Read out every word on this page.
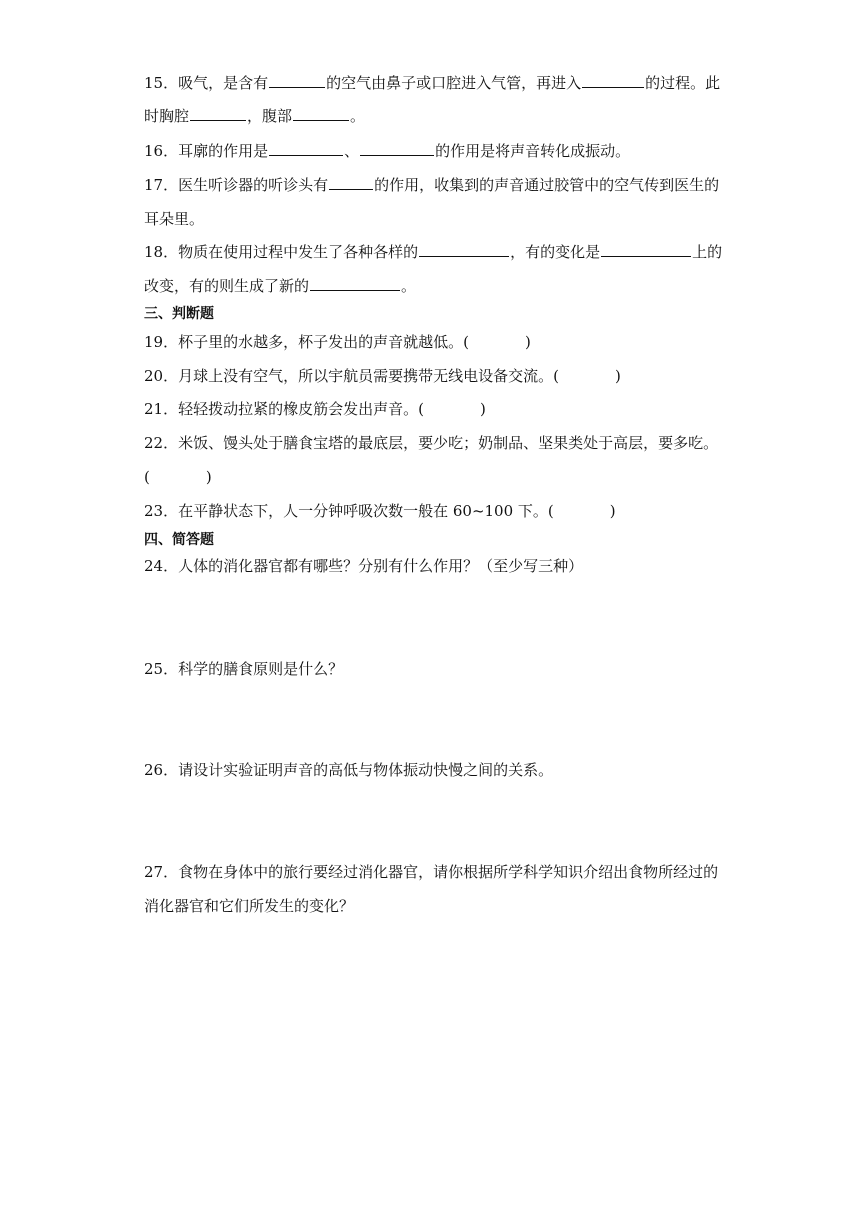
15．吸气，是含有	的空气由鼻子或口腔进入气管，再进入	的过程。此
时胸腔	，腹部	。
16．耳廓的作用是	、	的作用是将声音转化成振动。
17．医生听诊器的听诊头有	的作用，收集到的声音通过胶管中的空气传到医生的
耳朵里。
18．物质在使用过程中发生了各种各样的	，有的变化是	上的
改变，有的则生成了新的	。
三、判断题
19．杯子里的水越多，杯子发出的声音就越低。(	)
20．月球上没有空气，所以宇航员需要携带无线电设备交流。(	)
21．轻轻拨动拉紧的橡皮筋会发出声音。(	)
22．米饭、馒头处于膳食宝塔的最底层，要少吃；奶制品、坚果类处于高层，要多吃。
(	)
23．在平静状态下，人一分钟呼吸次数一般在 60~100 下。(	)
四、简答题
24．人体的消化器官都有哪些？分别有什么作用？（至少写三种）
25．科学的膳食原则是什么？
26．请设计实验证明声音的高低与物体振动快慢之间的关系。
27．食物在身体中的旅行要经过消化器官，请你根据所学科学知识介绍出食物所经过的
消化器官和它们所发生的变化？
